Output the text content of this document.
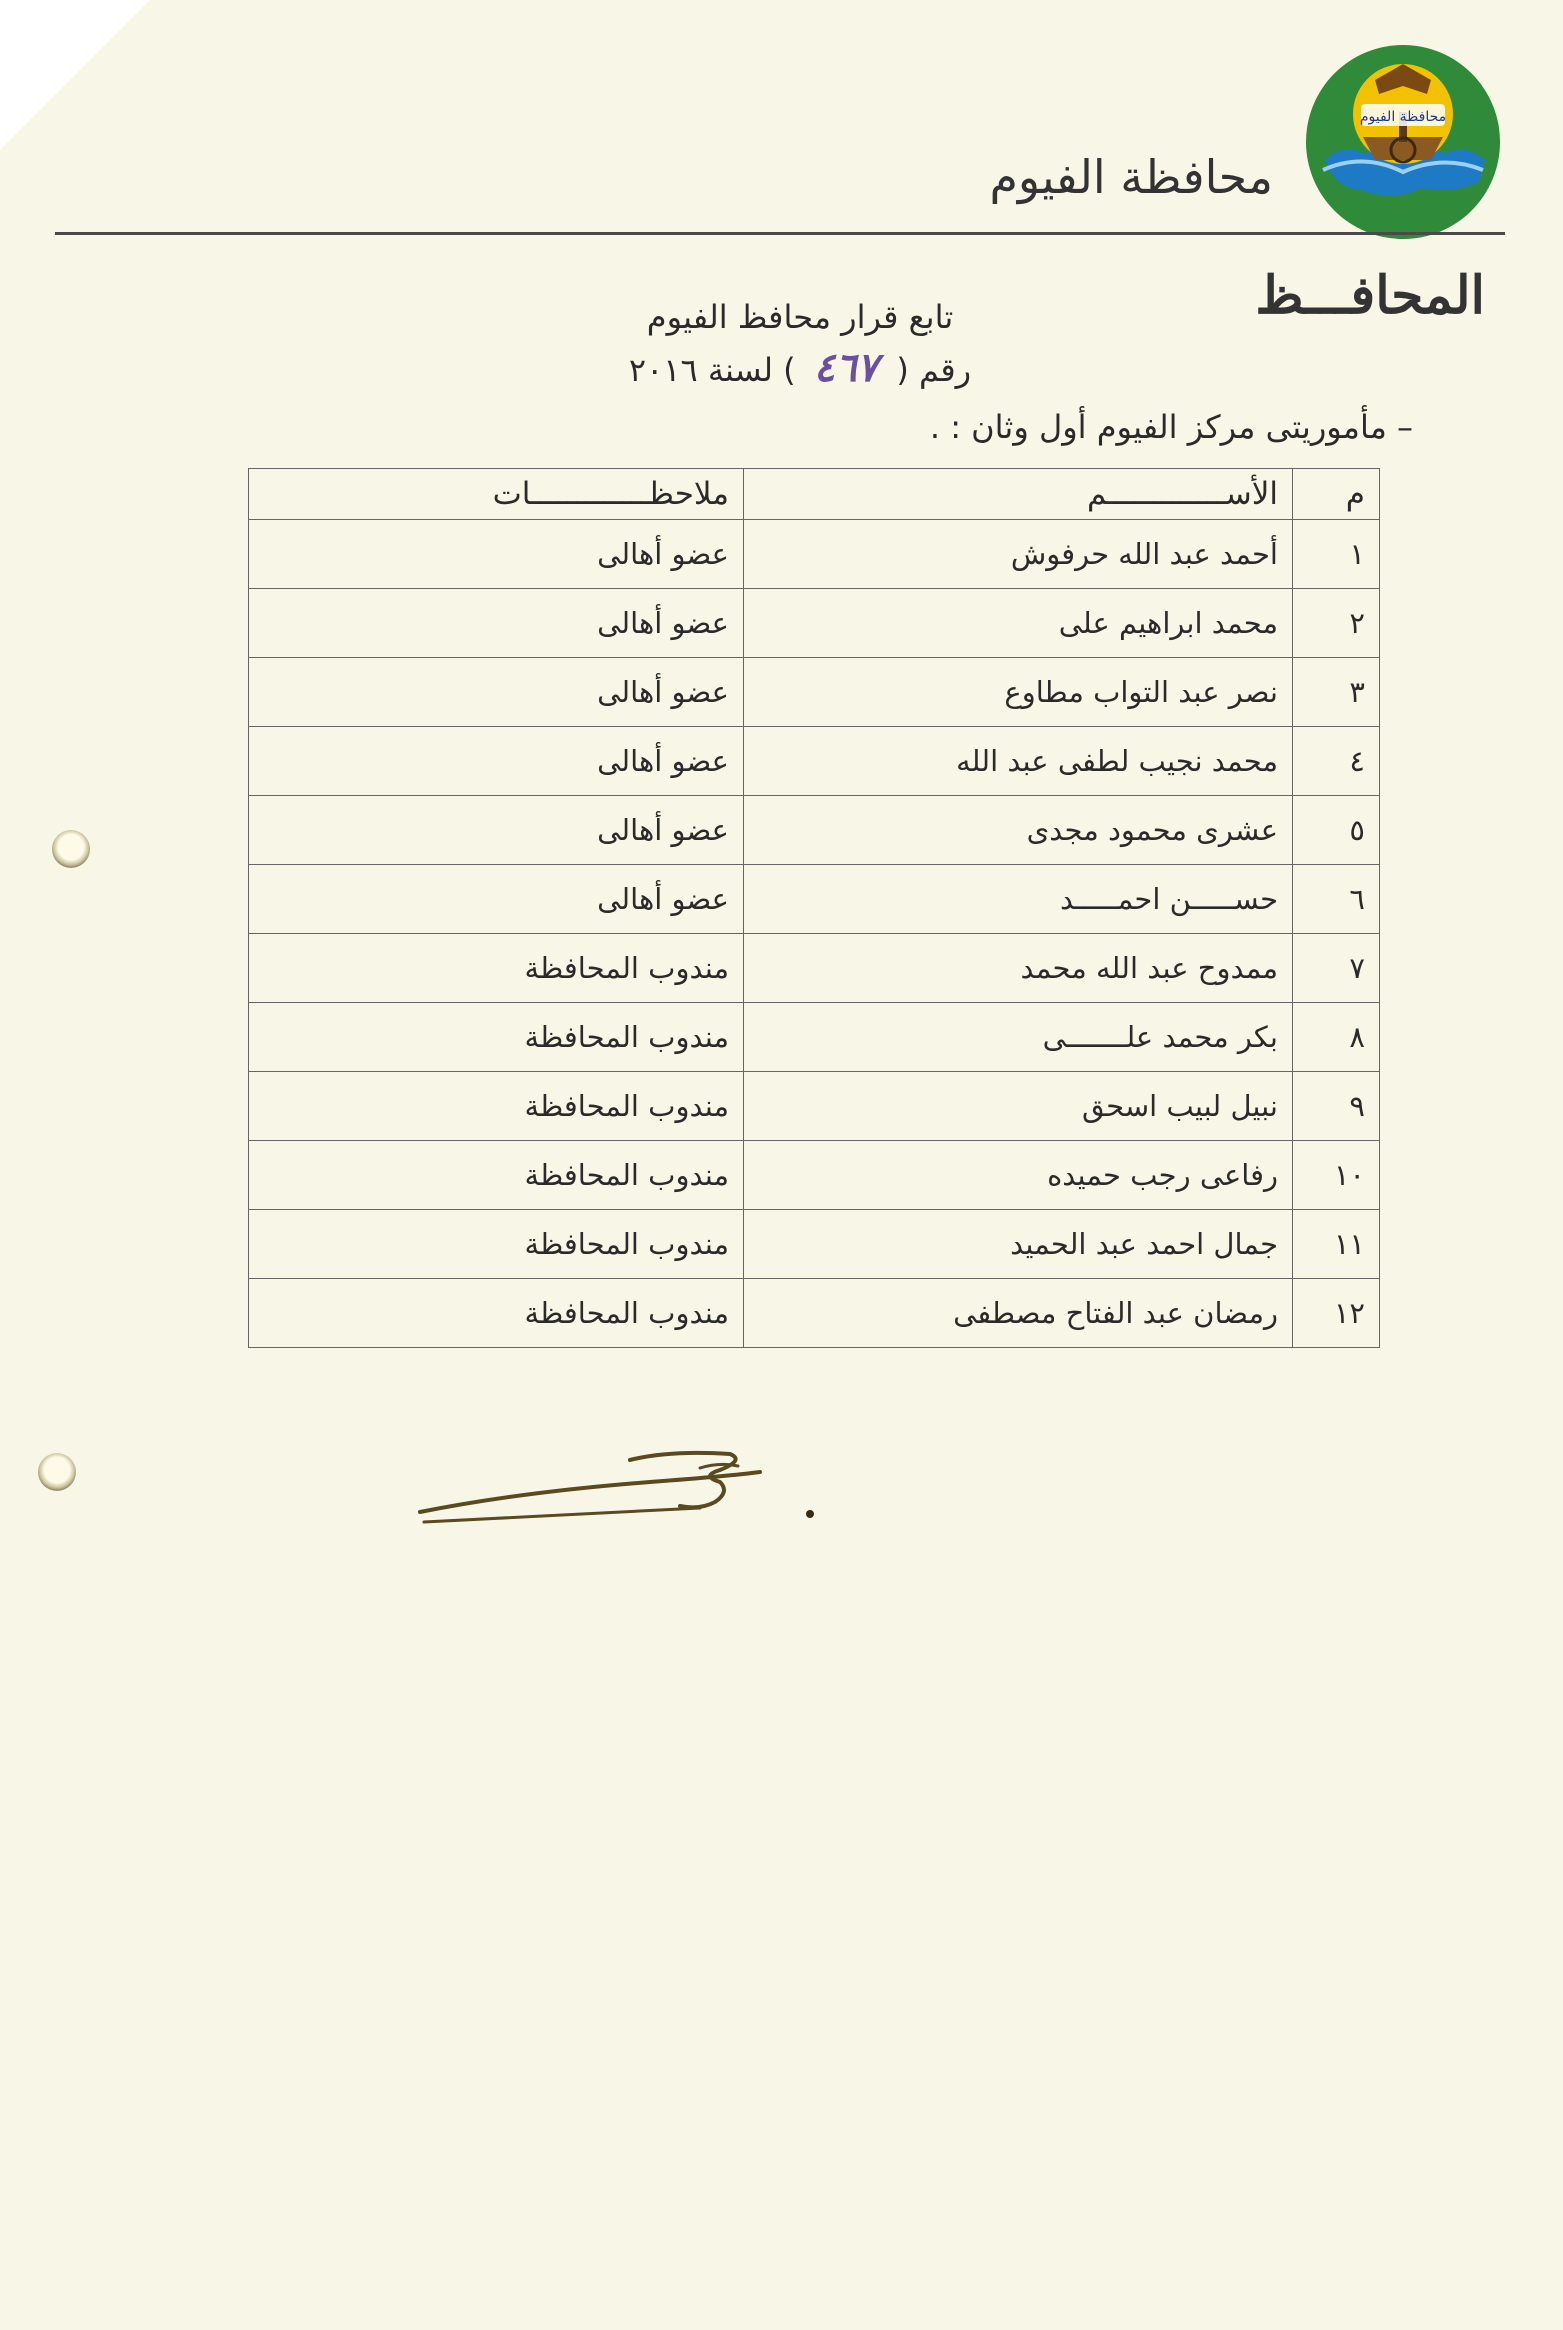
محافظة الفيوم
محافظة الفيوم
المحافـــظ
تابع قرار محافظ الفيوم
رقم ( ٤٦٧ ) لسنة ٢٠١٦
– مأموريتى مركز الفيوم أول وثان : .
م	الأســـــــــــــم	ملاحظـــــــــــــات
١	أحمد عبد الله حرفوش	عضو أهالى
٢	محمد ابراهيم على	عضو أهالى
٣	نصر عبد التواب مطاوع	عضو أهالى
٤	محمد نجيب لطفى عبد الله	عضو أهالى
٥	عشرى محمود مجدى	عضو أهالى
٦	حســـــن احمـــــد	عضو أهالى
٧	ممدوح عبد الله محمد	مندوب المحافظة
٨	بكر محمد علـــــــى	مندوب المحافظة
٩	نبيل لبيب اسحق	مندوب المحافظة
١٠	رفاعى رجب حميده	مندوب المحافظة
١١	جمال احمد عبد الحميد	مندوب المحافظة
١٢	رمضان عبد الفتاح مصطفى	مندوب المحافظة
